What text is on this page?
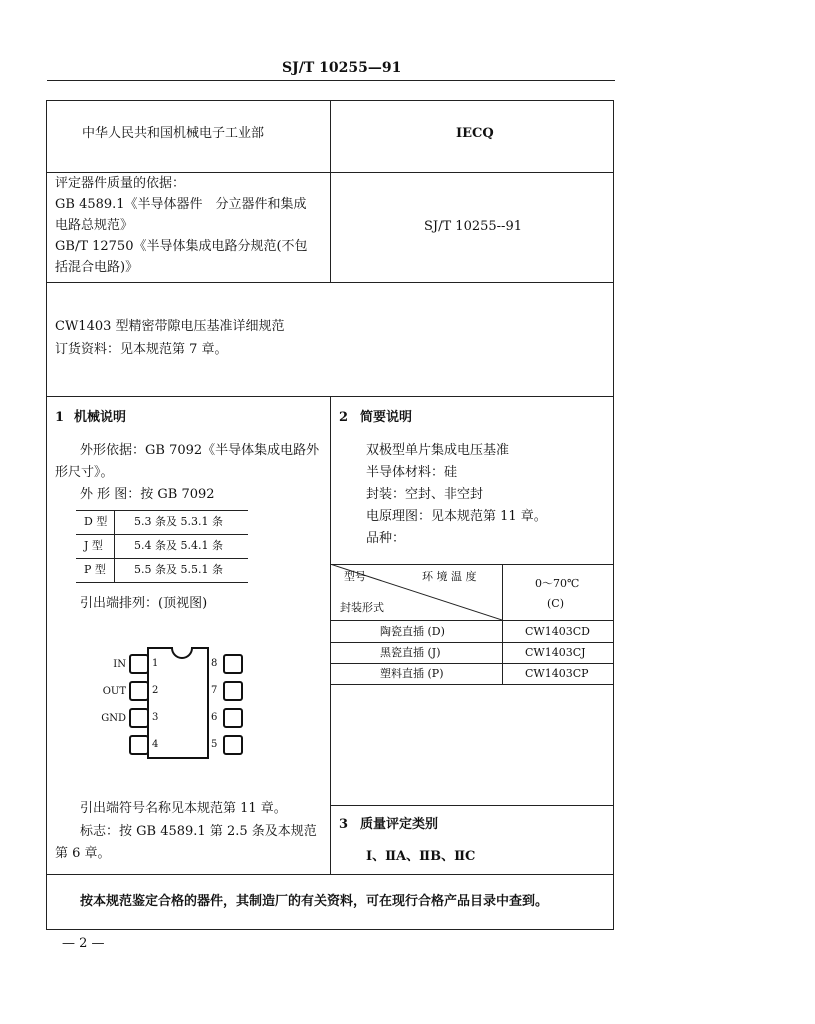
SJ/T 10255—91
中华人民共和国机械电子工业部	IECQ
评定器件质量的依据：
GB 4589.1《半导体器件　分立器件和集成
电路总规范》
GB/T 12750《半导体集成电路分规范(不包
括混合电路)》
SJ/T 10255--91
CW1403 型精密带隙电压基准详细规范
订货资料：见本规范第 7 章。
1 机械说明
外形依据：GB 7092《半导体集成电路外
形尺寸》。
外 形 图：按 GB 7092
D 型 5.3 条及 5.3.1 条
J 型	5.4 条及 5.4.1 条
P 型	5.5 条及 5.5.1 条
引出端排列：(顶视图)
1
2
3
4
8
7
6
5
IN
OUT
GND
引出端符号名称见本规范第 11 章。
标志：按 GB 4589.1 第 2.5 条及本规范
第 6 章。
2 简要说明
双极型单片集成电压基准
半导体材料：硅
封装：空封、非空封
电原理图：见本规范第 11 章。
品种：
型号	环 境 温 度
封装形式
0～70℃
(C)
陶瓷直插 (D)	CW1403CD
黑瓷直插 (J)	CW1403CJ
塑料直插 (P)	CW1403CP
3 质量评定类别
Ⅰ、ⅡA、ⅡB、ⅡC
按本规范鉴定合格的器件，其制造厂的有关资料，可在现行合格产品目录中查到。
— 2 —
